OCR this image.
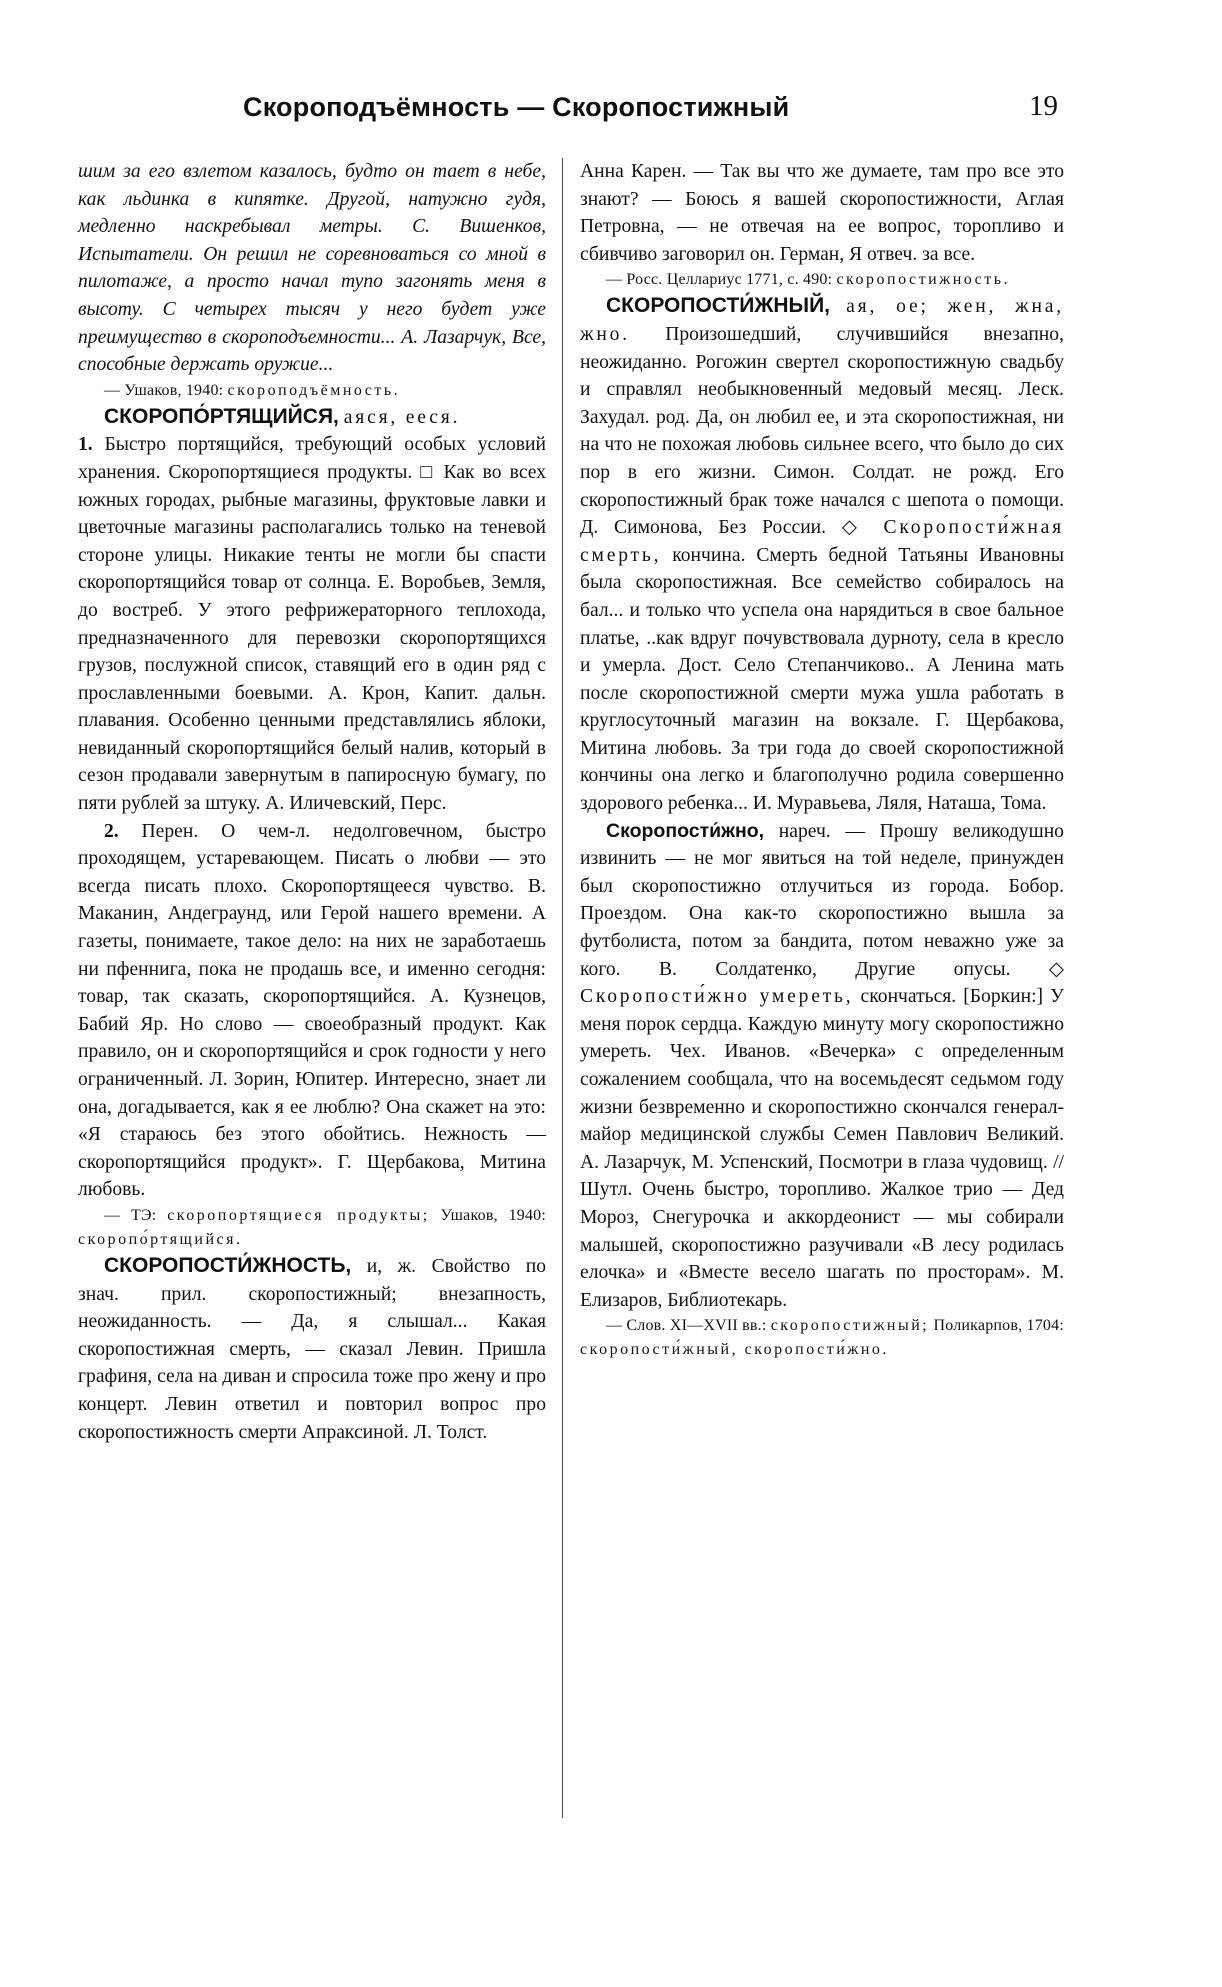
Скороподъёмность — Скоропостижный	19

шим за его взлетом казалось, будто он тает в небе, как льдинка в кипятке. Другой, натужно гудя, медленно наскребывал метры. С. Вишенков, Испытатели. Он решил не соревноваться со мной в пилотаже, а просто начал тупо загонять меня в высоту. С четырех тысяч у него будет уже преимущество в скороподъемности... А. Лазарчук, Все, способные держать оружие...

— Ушаков, 1940: скороподъёмность.

СКОРОПО́РТЯЩИЙСЯ, аяся, ееся.

1. Быстро портящийся, требующий особых условий хранения. Скоропортящиеся продукты. □ Как во всех южных городах, рыбные магазины, фруктовые лавки и цветочные магазины располагались только на теневой стороне улицы. Никакие тенты не могли бы спасти скоропортящийся товар от солнца. Е. Воробьев, Земля, до востреб. У этого рефрижераторного теплохода, предназначенного для перевозки скоропортящихся грузов, послужной список, ставящий его в один ряд с прославленными боевыми. А. Крон, Капит. дальн. плавания. Особенно ценными представлялись яблоки, невиданный скоропортящийся белый налив, который в сезон продавали завернутым в папиросную бумагу, по пяти рублей за штуку. А. Иличевский, Перс.

2. Перен. О чем-л. недолговечном, быстро проходящем, устаревающем. Писать о любви — это всегда писать плохо. Скоропортящееся чувство. В. Маканин, Андеграунд, или Герой нашего времени. А газеты, понимаете, такое дело: на них не заработаешь ни пфеннига, пока не продашь все, и именно сегодня: товар, так сказать, скоропортящийся. А. Кузнецов, Бабий Яр. Но слово — своеобразный продукт. Как правило, он и скоропортящийся и срок годности у него ограниченный. Л. Зорин, Юпитер. Интересно, знает ли она, догадывается, как я ее люблю? Она скажет на это: «Я стараюсь без этого обойтись. Нежность — скоропортящийся продукт». Г. Щербакова, Митина любовь.

— ТЭ: скоропортящиеся продукты; Ушаков, 1940: скоропо́ртящийся.

СКОРОПОСТИ́ЖНОСТЬ, и, ж. Свойство по знач. прил. скоропостижный; внезапность, неожиданность. — Да, я слышал... Какая скоропостижная смерть, — сказал Левин. Пришла графиня, села на диван и спросила тоже про жену и про концерт. Левин ответил и повторил вопрос про скоропостижность смерти Апраксиной. Л. Толст.

Анна Карен. — Так вы что же думаете, там про все это знают? — Боюсь я вашей скоропостижности, Аглая Петровна, — не отвечая на ее вопрос, торопливо и сбивчиво заговорил он. Герман, Я отвеч. за все.

— Росс. Целлариус 1771, с. 490: скоропостижность.

СКОРОПОСТИ́ЖНЫЙ, ая, ое; жен, жна, жно. Произошедший, случившийся внезапно, неожиданно. Рогожин свертел скоропостижную свадьбу и справлял необыкновенный медовый месяц. Леск. Захудал. род. Да, он любил ее, и эта скоропостижная, ни на что не похожая любовь сильнее всего, что было до сих пор в его жизни. Симон. Солдат. не рожд. Его скоропостижный брак тоже начался с шепота о помощи. Д. Симонова, Без России. ◇ Скоропости́жная смерть, кончина. Смерть бедной Татьяны Ивановны была скоропостижная. Все семейство собиралось на бал... и только что успела она нарядиться в свое бальное платье, ..как вдруг почувствовала дурноту, села в кресло и умерла. Дост. Село Степанчиково.. А Ленина мать после скоропостижной смерти мужа ушла работать в круглосуточный магазин на вокзале. Г. Щербакова, Митина любовь. За три года до своей скоропостижной кончины она легко и благополучно родила совершенно здорового ребенка... И. Муравьева, Ляля, Наташа, Тома.

Скоропости́жно, нареч. — Прошу великодушно извинить — не мог явиться на той неделе, принужден был скоропостижно отлучиться из города. Бобор. Проездом. Она как-то скоропостижно вышла за футболиста, потом за бандита, потом неважно уже за кого. В. Солдатенко, Другие опусы. ◇ Скоропости́жно умереть, скончаться. [Боркин:] У меня порок сердца. Каждую минуту могу скоропостижно умереть. Чех. Иванов. «Вечерка» с определенным сожалением сообщала, что на восемьдесят седьмом году жизни безвременно и скоропостижно скончался генерал-майор медицинской службы Семен Павлович Великий. А. Лазарчук, М. Успенский, Посмотри в глаза чудовищ. // Шутл. Очень быстро, торопливо. Жалкое трио — Дед Мороз, Снегурочка и аккордеонист — мы собирали малышей, скоропостижно разучивали «В лесу родилась елочка» и «Вместе весело шагать по просторам». М. Елизаров, Библиотекарь.

— Слов. XI—XVII вв.: скоропостижный; Поликарпов, 1704: скоропости́жный, скоропости́жно.
